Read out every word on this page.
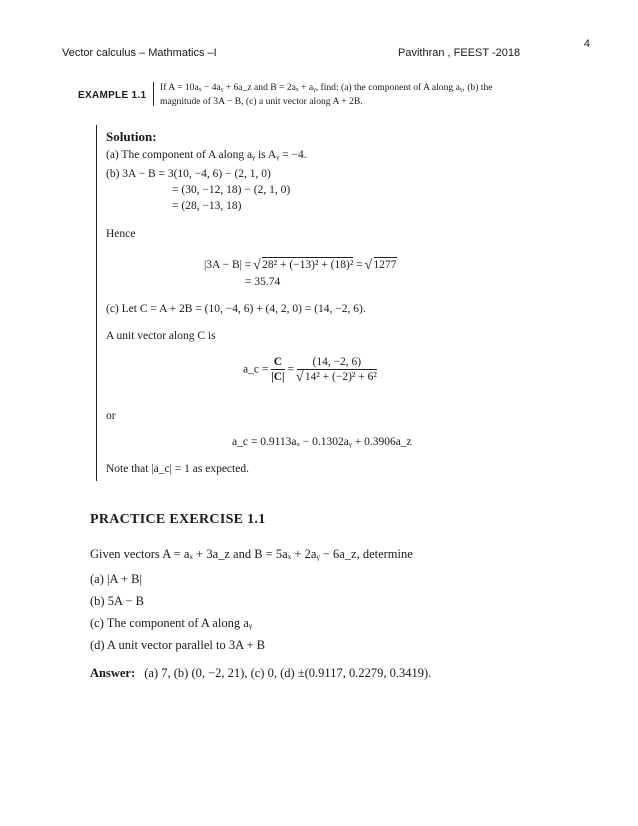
4
Vector calculus – Mathmatics –I	Pavithran , FEEST -2018
EXAMPLE 1.1
If A = 10aₓ − 4aᵧ + 6a_z and B = 2aₓ + aᵧ, find: (a) the component of A along aᵧ, (b) the
magnitude of 3A − B, (c) a unit vector along A + 2B.
Solution:
(a) The component of A along aᵧ is Aᵧ = −4.
(b) 3A − B = 3(10, −4, 6) − (2, 1, 0)
= (30, −12, 18) − (2, 1, 0)
= (28, −13, 18)
Hence
|3A − B| = √ 28² + (−13)² + (18)² = √ 1277
= 35.74
(c) Let C = A + 2B = (10, −4, 6) + (4, 2, 0) = (14, −2, 6).
A unit vector along C is
a_c = $\frac{C}{|C|} = \frac{(14, -2, 6)}{\text{√ 14² + (−2)² + 6²}}$
or
a_c = 0.9113aₓ − 0.1302aᵧ + 0.3906a_z
Note that |a_c| = 1 as expected.
PRACTICE EXERCISE 1.1
Given vectors A = aₓ + 3a_z and B = 5aₓ + 2aᵧ − 6a_z, determine
(a) |A + B|
(b) 5A − B
(c) The component of A along aᵧ
(d) A unit vector parallel to 3A + B
Answer: (a) 7, (b) (0, −2, 21), (c) 0, (d) ±(0.9117, 0.2279, 0.3419).
